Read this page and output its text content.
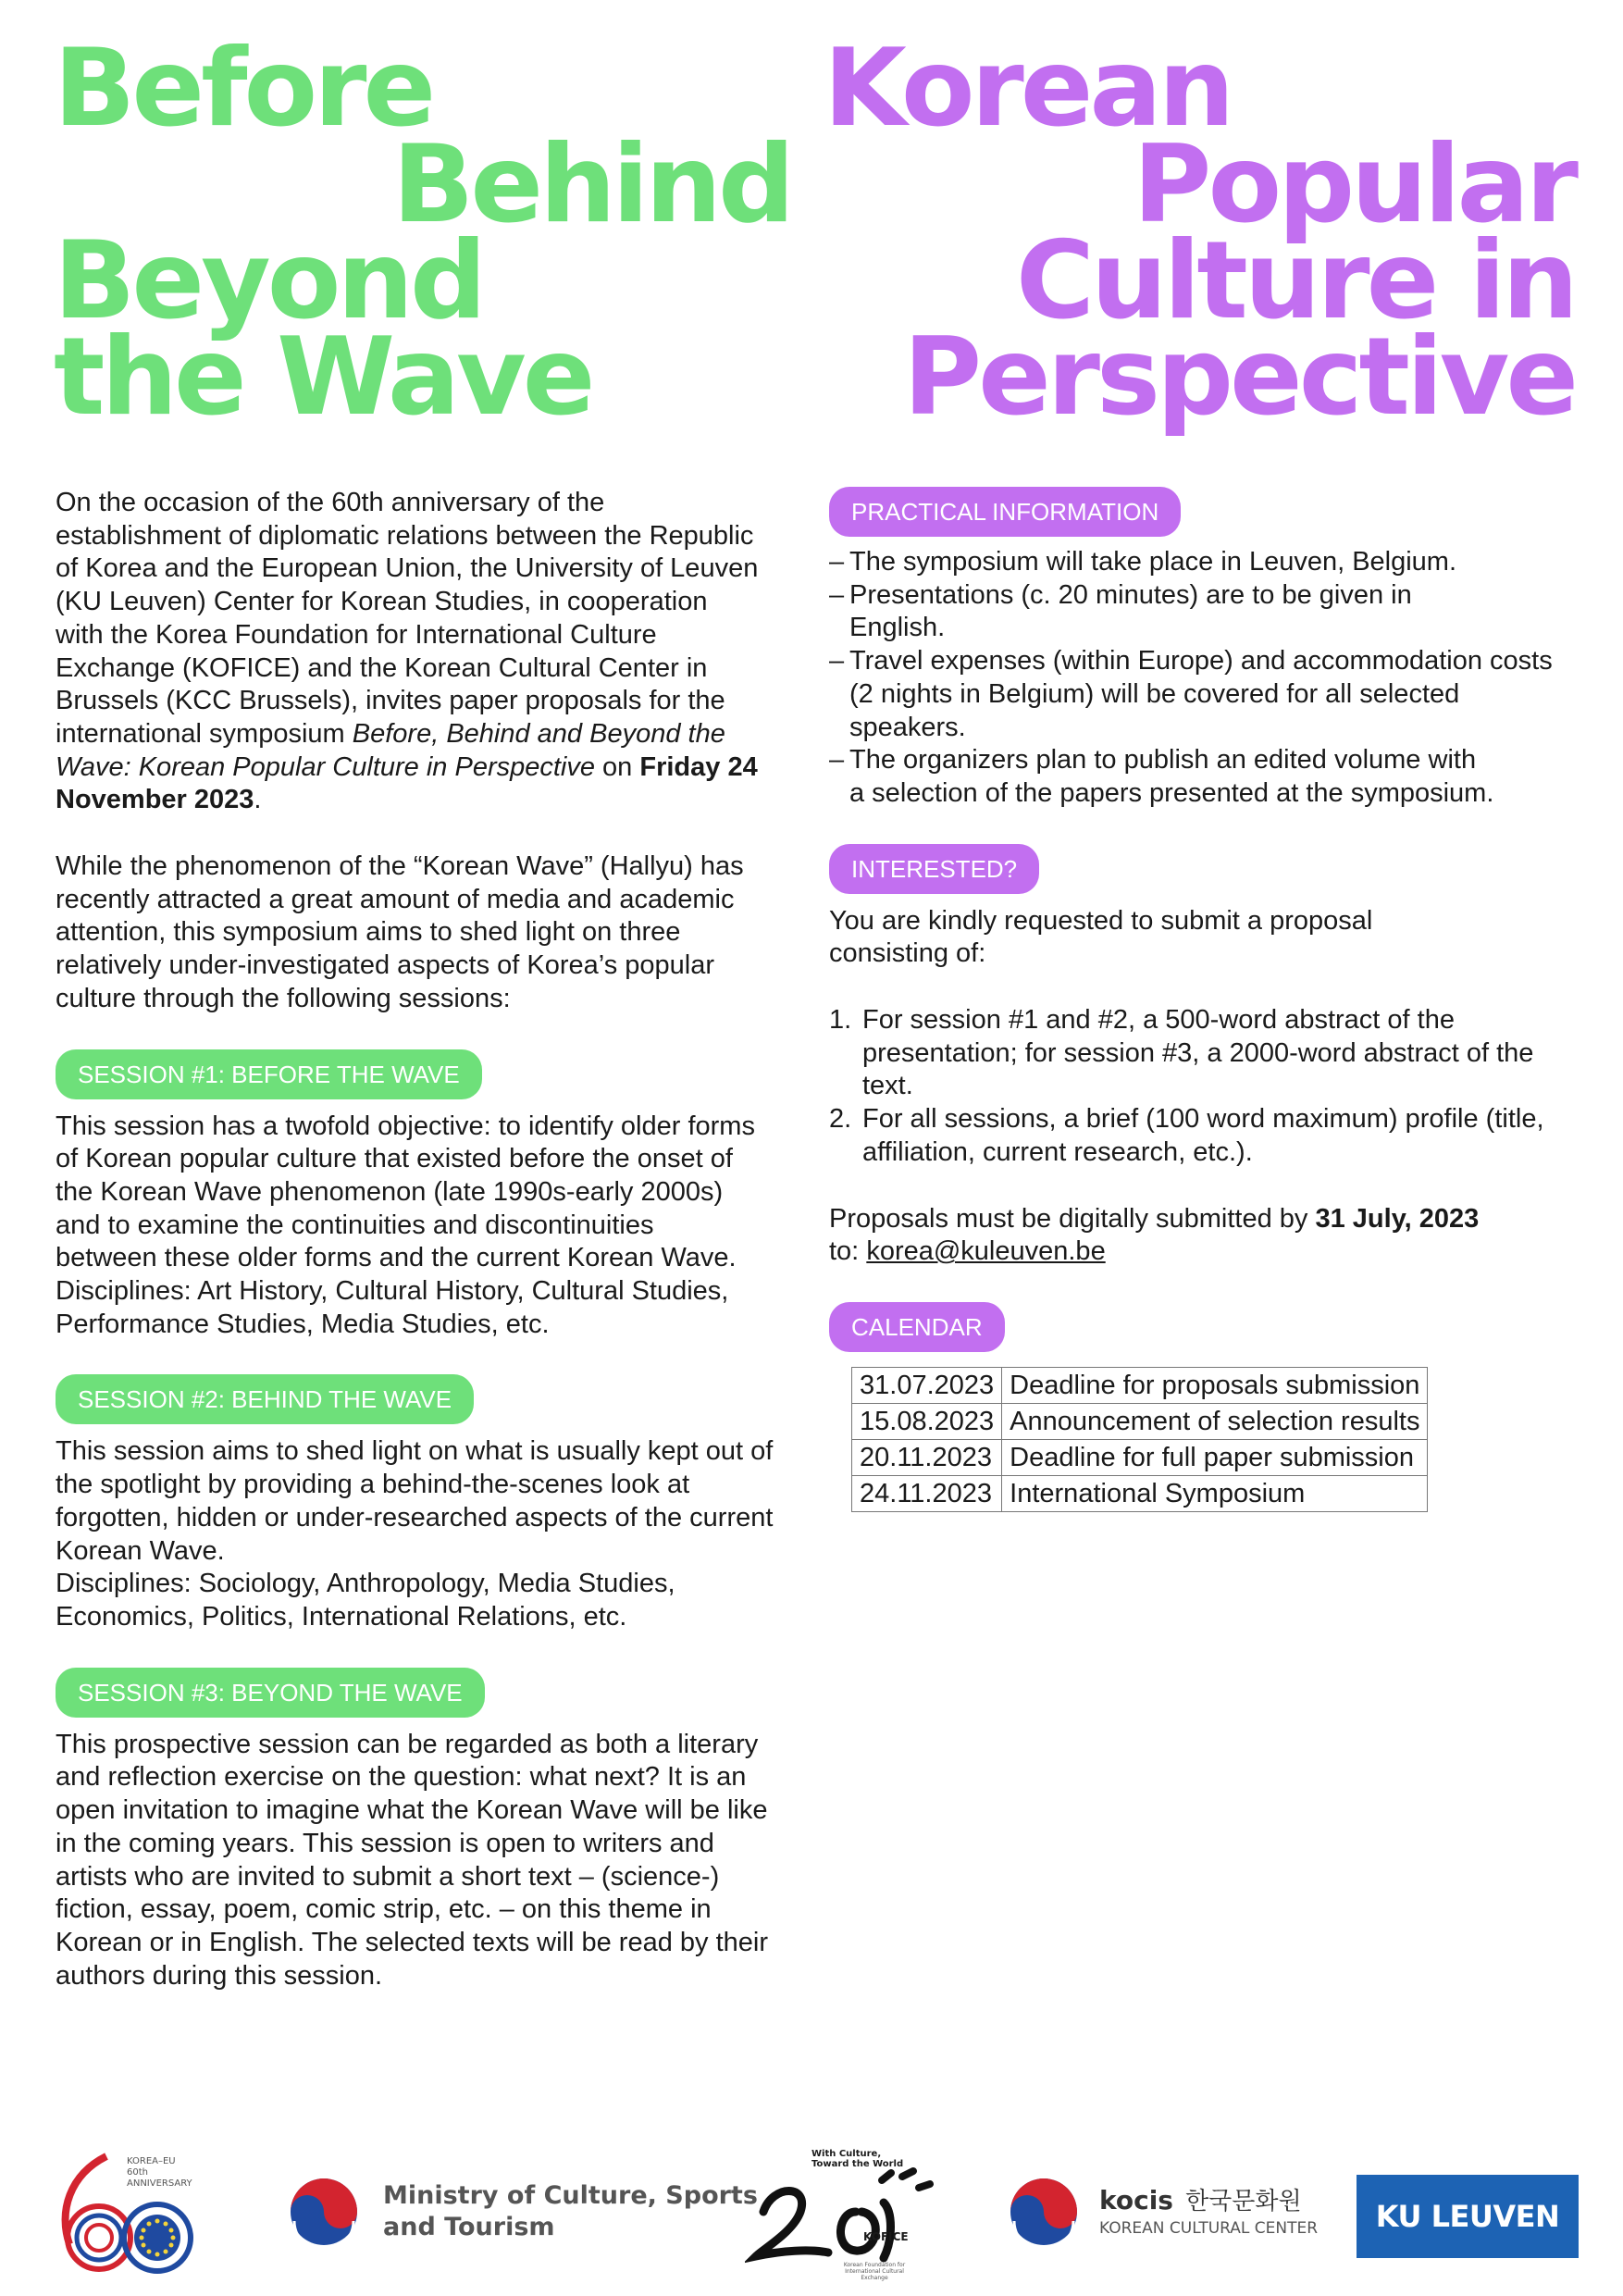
Before
Behind
Beyond
the Wave
Korean
Popular
Culture in
Perspective

On the occasion of the 60th anniversary of the establishment of diplomatic relations between the Republic of Korea and the European Union, the University of Leuven (KU Leuven) Center for Korean Studies, in cooperation with the Korea Foundation for International Culture Exchange (KOFICE) and the Korean Cultural Center in Brussels (KCC Brussels), invites paper proposals for the international symposium Before, Behind and Beyond the Wave: Korean Popular Culture in Perspective on Friday 24 November 2023.

While the phenomenon of the “Korean Wave” (Hallyu) has recently attracted a great amount of media and academic attention, this symposium aims to shed light on three relatively under-investigated aspects of Korea’s popular culture through the following sessions:

SESSION #1: BEFORE THE WAVE

This session has a twofold objective: to identify older forms of Korean popular culture that existed before the onset of the Korean Wave phenomenon (late 1990s-early 2000s) and to examine the continuities and discontinuities between these older forms and the current Korean Wave.

Disciplines: Art History, Cultural History, Cultural Studies, Performance Studies, Media Studies, etc.

SESSION #2: BEHIND THE WAVE

This session aims to shed light on what is usually kept out of the spotlight by providing a behind-the-scenes look at forgotten, hidden or under-researched aspects of the current Korean Wave.

Disciplines: Sociology, Anthropology, Media Studies, Economics, Politics, International Relations, etc.

SESSION #3: BEYOND THE WAVE

This prospective session can be regarded as both a literary and reflection exercise on the question: what next? It is an open invitation to imagine what the Korean Wave will be like in the coming years. This session is open to writers and artists who are invited to submit a short text – (science-) fiction, essay, poem, comic strip, etc. – on this theme in Korean or in English. The selected texts will be read by their authors during this session.

PRACTICAL INFORMATION
– The symposium will take place in Leuven, Belgium.
– Presentations (c. 20 minutes) are to be given in English.
– Travel expenses (within Europe) and accommodation costs (2 nights in Belgium) will be covered for all selected speakers.
– The organizers plan to publish an edited volume with a selection of the papers presented at the symposium.
INTERESTED?

You are kindly requested to submit a proposal consisting of:

1. For session #1 and #2, a 500-word abstract of the presentation; for session #3, a 2000-word abstract of the text.
2. For all sessions, a brief (100 word maximum) profile (title, affiliation, current research, etc.).

Proposals must be digitally submitted by 31 July, 2023
to: korea@kuleuven.be

CALENDAR
31.07.2023	Deadline for proposals submission
15.08.2023	Announcement of selection results
20.11.2023	Deadline for full paper submission
24.11.2023	International Symposium
KOREA–EU
60th ANNIVERSARY	Ministry of Culture, Sports
and Tourism
With Culture,
Toward the World
KOFICE
Korean Foundation for International Cultural Exchange
kocis 한국문화원
KOREAN CULTURAL CENTER	KU LEUVEN
